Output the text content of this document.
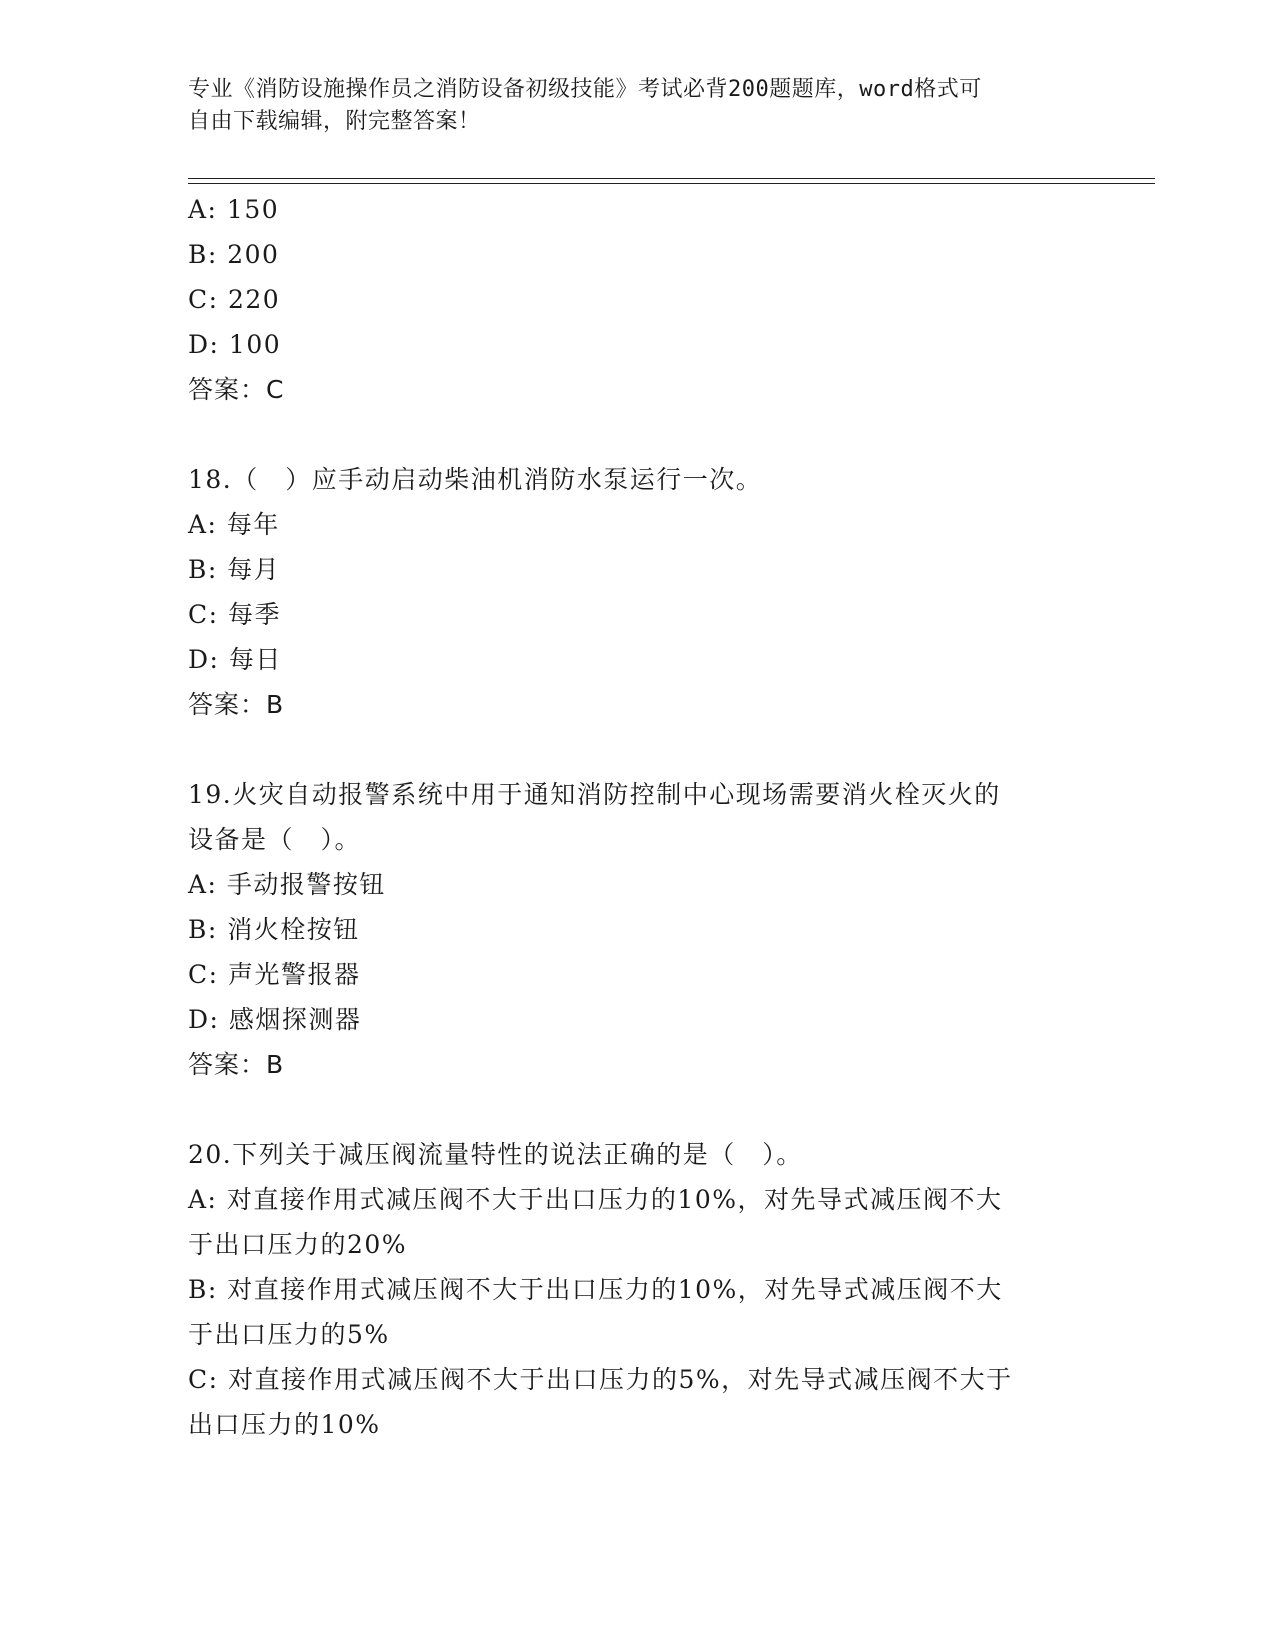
专业《消防设施操作员之消防设备初级技能》考试必背200题题库，word格式可
自由下载编辑，附完整答案！
A: 150
B: 200
C: 220
D: 100
答案：C
18.（　）应手动启动柴油机消防水泵运行一次。
A: 每年
B: 每月
C: 每季
D: 每日
答案：B
19.火灾自动报警系统中用于通知消防控制中心现场需要消火栓灭火的
设备是（　）。
A: 手动报警按钮
B: 消火栓按钮
C: 声光警报器
D: 感烟探测器
答案：B
20.下列关于减压阀流量特性的说法正确的是（　）。
A: 对直接作用式减压阀不大于出口压力的10%，对先导式减压阀不大
于出口压力的20%
B: 对直接作用式减压阀不大于出口压力的10%，对先导式减压阀不大
于出口压力的5%
C: 对直接作用式减压阀不大于出口压力的5%，对先导式减压阀不大于
出口压力的10%
